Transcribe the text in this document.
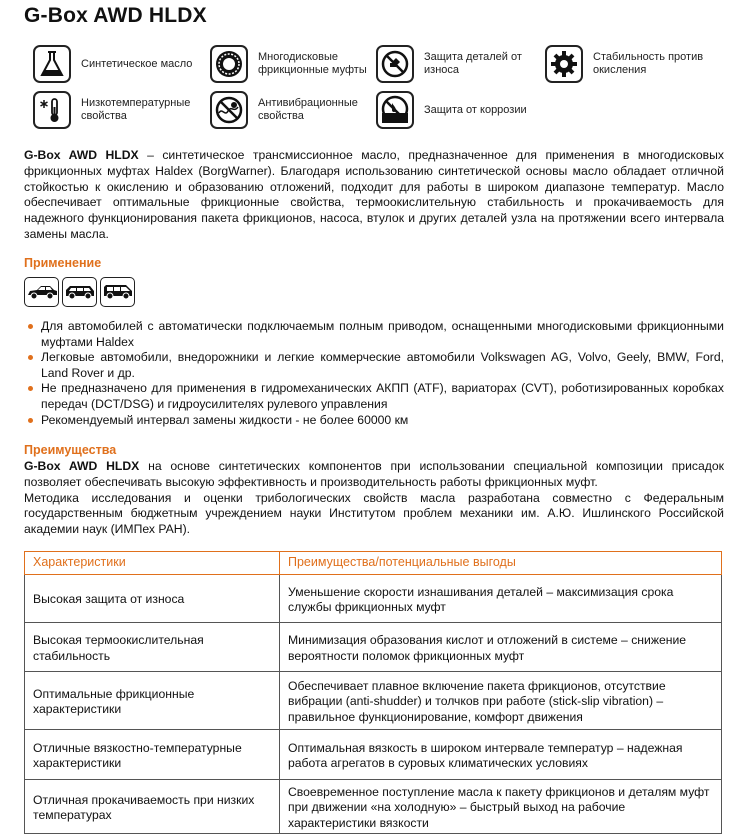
G-Box AWD HLDX
Синтетическое масло
Многодисковые фрикционные муфты
Защита деталей от износа
Стабильность против окисления
Низкотемпературные свойства
Антивибрационные свойства
Защита от коррозии

G-Box AWD HLDX – синтетическое трансмиссионное масло, предназначенное для применения в многодисковых фрикционных муфтах Haldex (BorgWarner). Благодаря использованию синтетической основы масло обладает отличной стойкостью к окислению и образованию отложений, подходит для работы в широком диапазоне температур. Масло обеспечивает оптимальные фрикционные свойства, термоокислительную стабильность и прокачиваемость для надежного функционирования пакета фрикционов, насоса, втулок и других деталей узла на протяжении всего интервала замены масла.

Применение
Для автомобилей с автоматически подключаемым полным приводом, оснащенными многодисковыми фрикционными муфтами Haldex
Легковые автомобили, внедорожники и легкие коммерческие автомобили Volkswagen AG, Volvo, Geely, BMW, Ford, Land Rover и др.
Не предназначено для применения в гидромеханических АКПП (ATF), вариаторах (CVT), роботизированных коробках передач (DCT/DSG) и гидроусилителях рулевого управления
Рекомендуемый интервал замены жидкости - не более 60000 км
Преимущества

G-Box AWD HLDX на основе синтетических компонентов при использовании специальной композиции присадок позволяет обеспечивать высокую эффективность и производительность работы фрикционных муфт.
Методика исследования и оценки трибологических свойств масла разработана совместно с Федеральным государственным бюджетным учреждением науки Институтом проблем механики им. А.Ю. Ишлинского Российской академии наук (ИМПех РАН).

Характеристики	Преимущества/потенциальные выгоды
Высокая защита от износа	Уменьшение скорости изнашивания деталей – максимизация срока службы фрикционных муфт
Высокая термоокислительная стабильность	Минимизация образования кислот и отложений в системе – снижение вероятности поломок фрикционных муфт
Оптимальные фрикционные характеристики	Обеспечивает плавное включение пакета фрикционов, отсутствие вибрации (anti-shudder) и толчков при работе (stick-slip vibration) – правильное функционирование, комфорт движения
Отличные вязкостно-температурные характеристики	Оптимальная вязкость в широком интервале температур – надежная работа агрегатов в суровых климатических условиях
Отличная прокачиваемость при низких температурах	Своевременное поступление масла к пакету фрикционов и деталям муфт при движении «на холодную» – быстрый выход на рабочие характеристики вязкости
